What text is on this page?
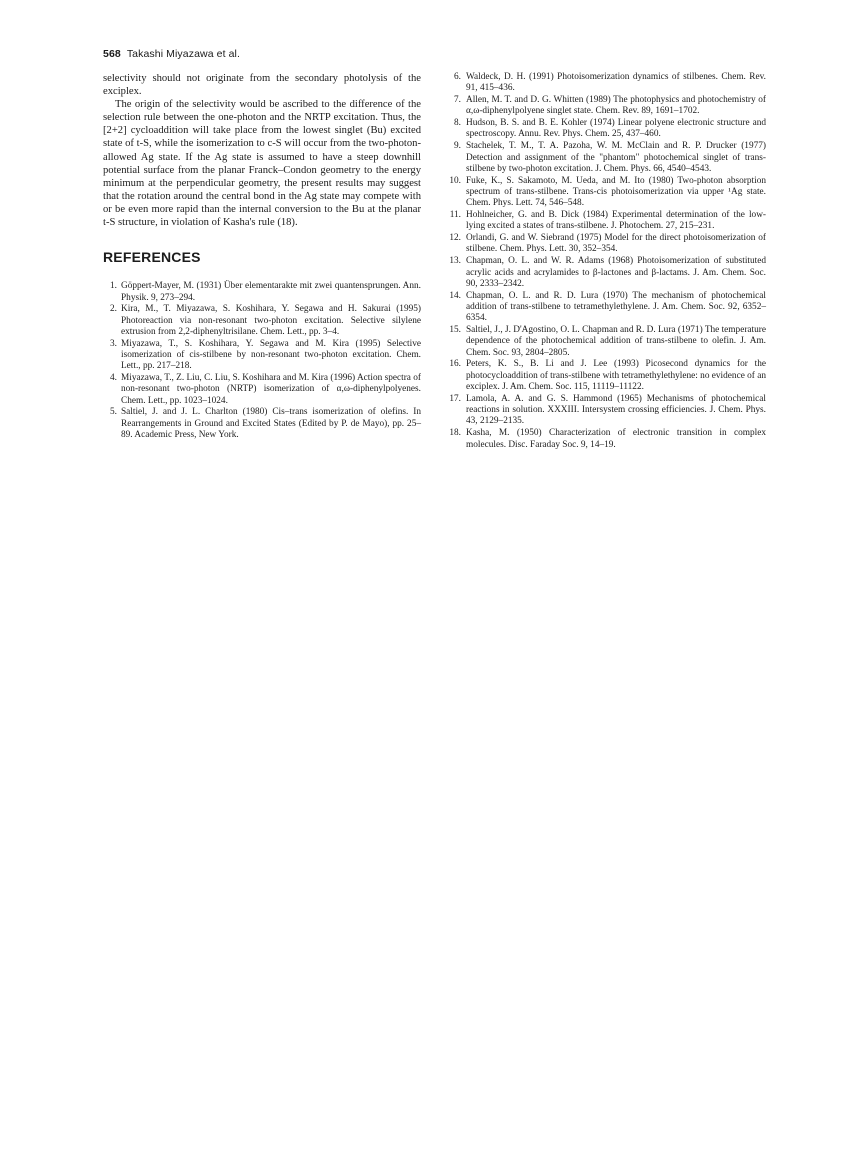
568 Takashi Miyazawa et al.

selectivity should not originate from the secondary photolysis of the exciplex.

The origin of the selectivity would be ascribed to the difference of the selection rule between the one-photon and the NRTP excitation. Thus, the [2+2] cycloaddition will take place from the lowest singlet (Bu) excited state of t-S, while the isomerization to c-S will occur from the two-photon-allowed Ag state. If the Ag state is assumed to have a steep downhill potential surface from the planar Franck–Condon geometry to the energy minimum at the perpendicular geometry, the present results may suggest that the rotation around the central bond in the Ag state may compete with or be even more rapid than the internal conversion to the Bu at the planar t-S structure, in violation of Kasha's rule (18).

REFERENCES
1. Göppert-Mayer, M. (1931) Über elementarakte mit zwei quantensprungen. Ann. Physik. 9, 273–294.
2. Kira, M., T. Miyazawa, S. Koshihara, Y. Segawa and H. Sakurai (1995) Photoreaction via non-resonant two-photon excitation. Selective silylene extrusion from 2,2-diphenyltrisilane. Chem. Lett., pp. 3–4.
3. Miyazawa, T., S. Koshihara, Y. Segawa and M. Kira (1995) Selective isomerization of cis-stilbene by non-resonant two-photon excitation. Chem. Lett., pp. 217–218.
4. Miyazawa, T., Z. Liu, C. Liu, S. Koshihara and M. Kira (1996) Action spectra of non-resonant two-photon (NRTP) isomerization of α,ω-diphenylpolyenes. Chem. Lett., pp. 1023–1024.
5. Saltiel, J. and J. L. Charlton (1980) Cis–trans isomerization of olefins. In Rearrangements in Ground and Excited States (Edited by P. de Mayo), pp. 25–89. Academic Press, New York.
6. Waldeck, D. H. (1991) Photoisomerization dynamics of stilbenes. Chem. Rev. 91, 415–436.
7. Allen, M. T. and D. G. Whitten (1989) The photophysics and photochemistry of α,ω-diphenylpolyene singlet state. Chem. Rev. 89, 1691–1702.
8. Hudson, B. S. and B. E. Kohler (1974) Linear polyene electronic structure and spectroscopy. Annu. Rev. Phys. Chem. 25, 437–460.
9. Stachelek, T. M., T. A. Pazoha, W. M. McClain and R. P. Drucker (1977) Detection and assignment of the "phantom" photochemical singlet of trans-stilbene by two-photon excitation. J. Chem. Phys. 66, 4540–4543.
10. Fuke, K., S. Sakamoto, M. Ueda, and M. Ito (1980) Two-photon absorption spectrum of trans-stilbene. Trans-cis photoisomerization via upper ¹Ag state. Chem. Phys. Lett. 74, 546–548.
11. Hohlneicher, G. and B. Dick (1984) Experimental determination of the low-lying excited a states of trans-stilbene. J. Photochem. 27, 215–231.
12. Orlandi, G. and W. Siebrand (1975) Model for the direct photoisomerization of stilbene. Chem. Phys. Lett. 30, 352–354.
13. Chapman, O. L. and W. R. Adams (1968) Photoisomerization of substituted acrylic acids and acrylamides to β-lactones and β-lactams. J. Am. Chem. Soc. 90, 2333–2342.
14. Chapman, O. L. and R. D. Lura (1970) The mechanism of photochemical addition of trans-stilbene to tetramethylethylene. J. Am. Chem. Soc. 92, 6352–6354.
15. Saltiel, J., J. D'Agostino, O. L. Chapman and R. D. Lura (1971) The temperature dependence of the photochemical addition of trans-stilbene to olefin. J. Am. Chem. Soc. 93, 2804–2805.
16. Peters, K. S., B. Li and J. Lee (1993) Picosecond dynamics for the photocycloaddition of trans-stilbene with tetramethylethylene: no evidence of an exciplex. J. Am. Chem. Soc. 115, 11119–11122.
17. Lamola, A. A. and G. S. Hammond (1965) Mechanisms of photochemical reactions in solution. XXXIII. Intersystem crossing efficiencies. J. Chem. Phys. 43, 2129–2135.
18. Kasha, M. (1950) Characterization of electronic transition in complex molecules. Disc. Faraday Soc. 9, 14–19.
